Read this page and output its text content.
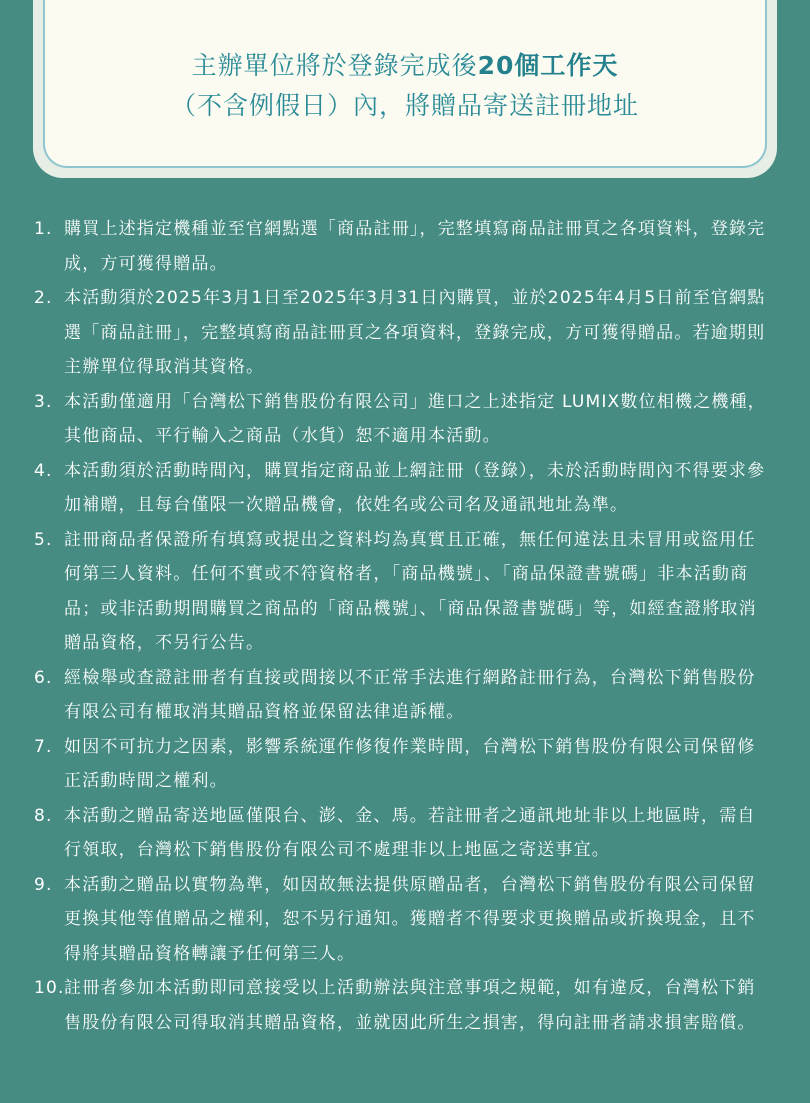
主辦單位將於登錄完成後20個工作天
（不含例假日）內，將贈品寄送註冊地址
1. 購買上述指定機種並至官網點選「商品註冊」，完整填寫商品註冊頁之各項資料，登錄完成，方可獲得贈品。
2. 本活動須於2025年3月1日至2025年3月31日內購買，並於2025年4月5日前至官網點選「商品註冊」，完整填寫商品註冊頁之各項資料，登錄完成，方可獲得贈品。若逾期則主辦單位得取消其資格。
3. 本活動僅適用「台灣松下銷售股份有限公司」進口之上述指定 LUMIX數位相機之機種，其他商品、平行輸入之商品（水貨）恕不適用本活動。
4. 本活動須於活動時間內，購買指定商品並上網註冊（登錄），未於活動時間內不得要求參加補贈，且每台僅限一次贈品機會，依姓名或公司名及通訊地址為準。
5. 註冊商品者保證所有填寫或提出之資料均為真實且正確，無任何違法且未冒用或盜用任何第三人資料。任何不實或不符資格者，「商品機號」、「商品保證書號碼」非本活動商品；或非活動期間購買之商品的「商品機號」、「商品保證書號碼」等，如經查證將取消贈品資格，不另行公告。
6. 經檢舉或查證註冊者有直接或間接以不正常手法進行網路註冊行為，台灣松下銷售股份有限公司有權取消其贈品資格並保留法律追訴權。
7. 如因不可抗力之因素，影響系統運作修復作業時間，台灣松下銷售股份有限公司保留修正活動時間之權利。
8. 本活動之贈品寄送地區僅限台、澎、金、馬。若註冊者之通訊地址非以上地區時，需自行領取，台灣松下銷售股份有限公司不處理非以上地區之寄送事宜。
9. 本活動之贈品以實物為準，如因故無法提供原贈品者，台灣松下銷售股份有限公司保留更換其他等值贈品之權利，恕不另行通知。獲贈者不得要求更換贈品或折換現金，且不得將其贈品資格轉讓予任何第三人。
10. 註冊者參加本活動即同意接受以上活動辦法與注意事項之規範，如有違反，台灣松下銷售股份有限公司得取消其贈品資格，並就因此所生之損害，得向註冊者請求損害賠償。
